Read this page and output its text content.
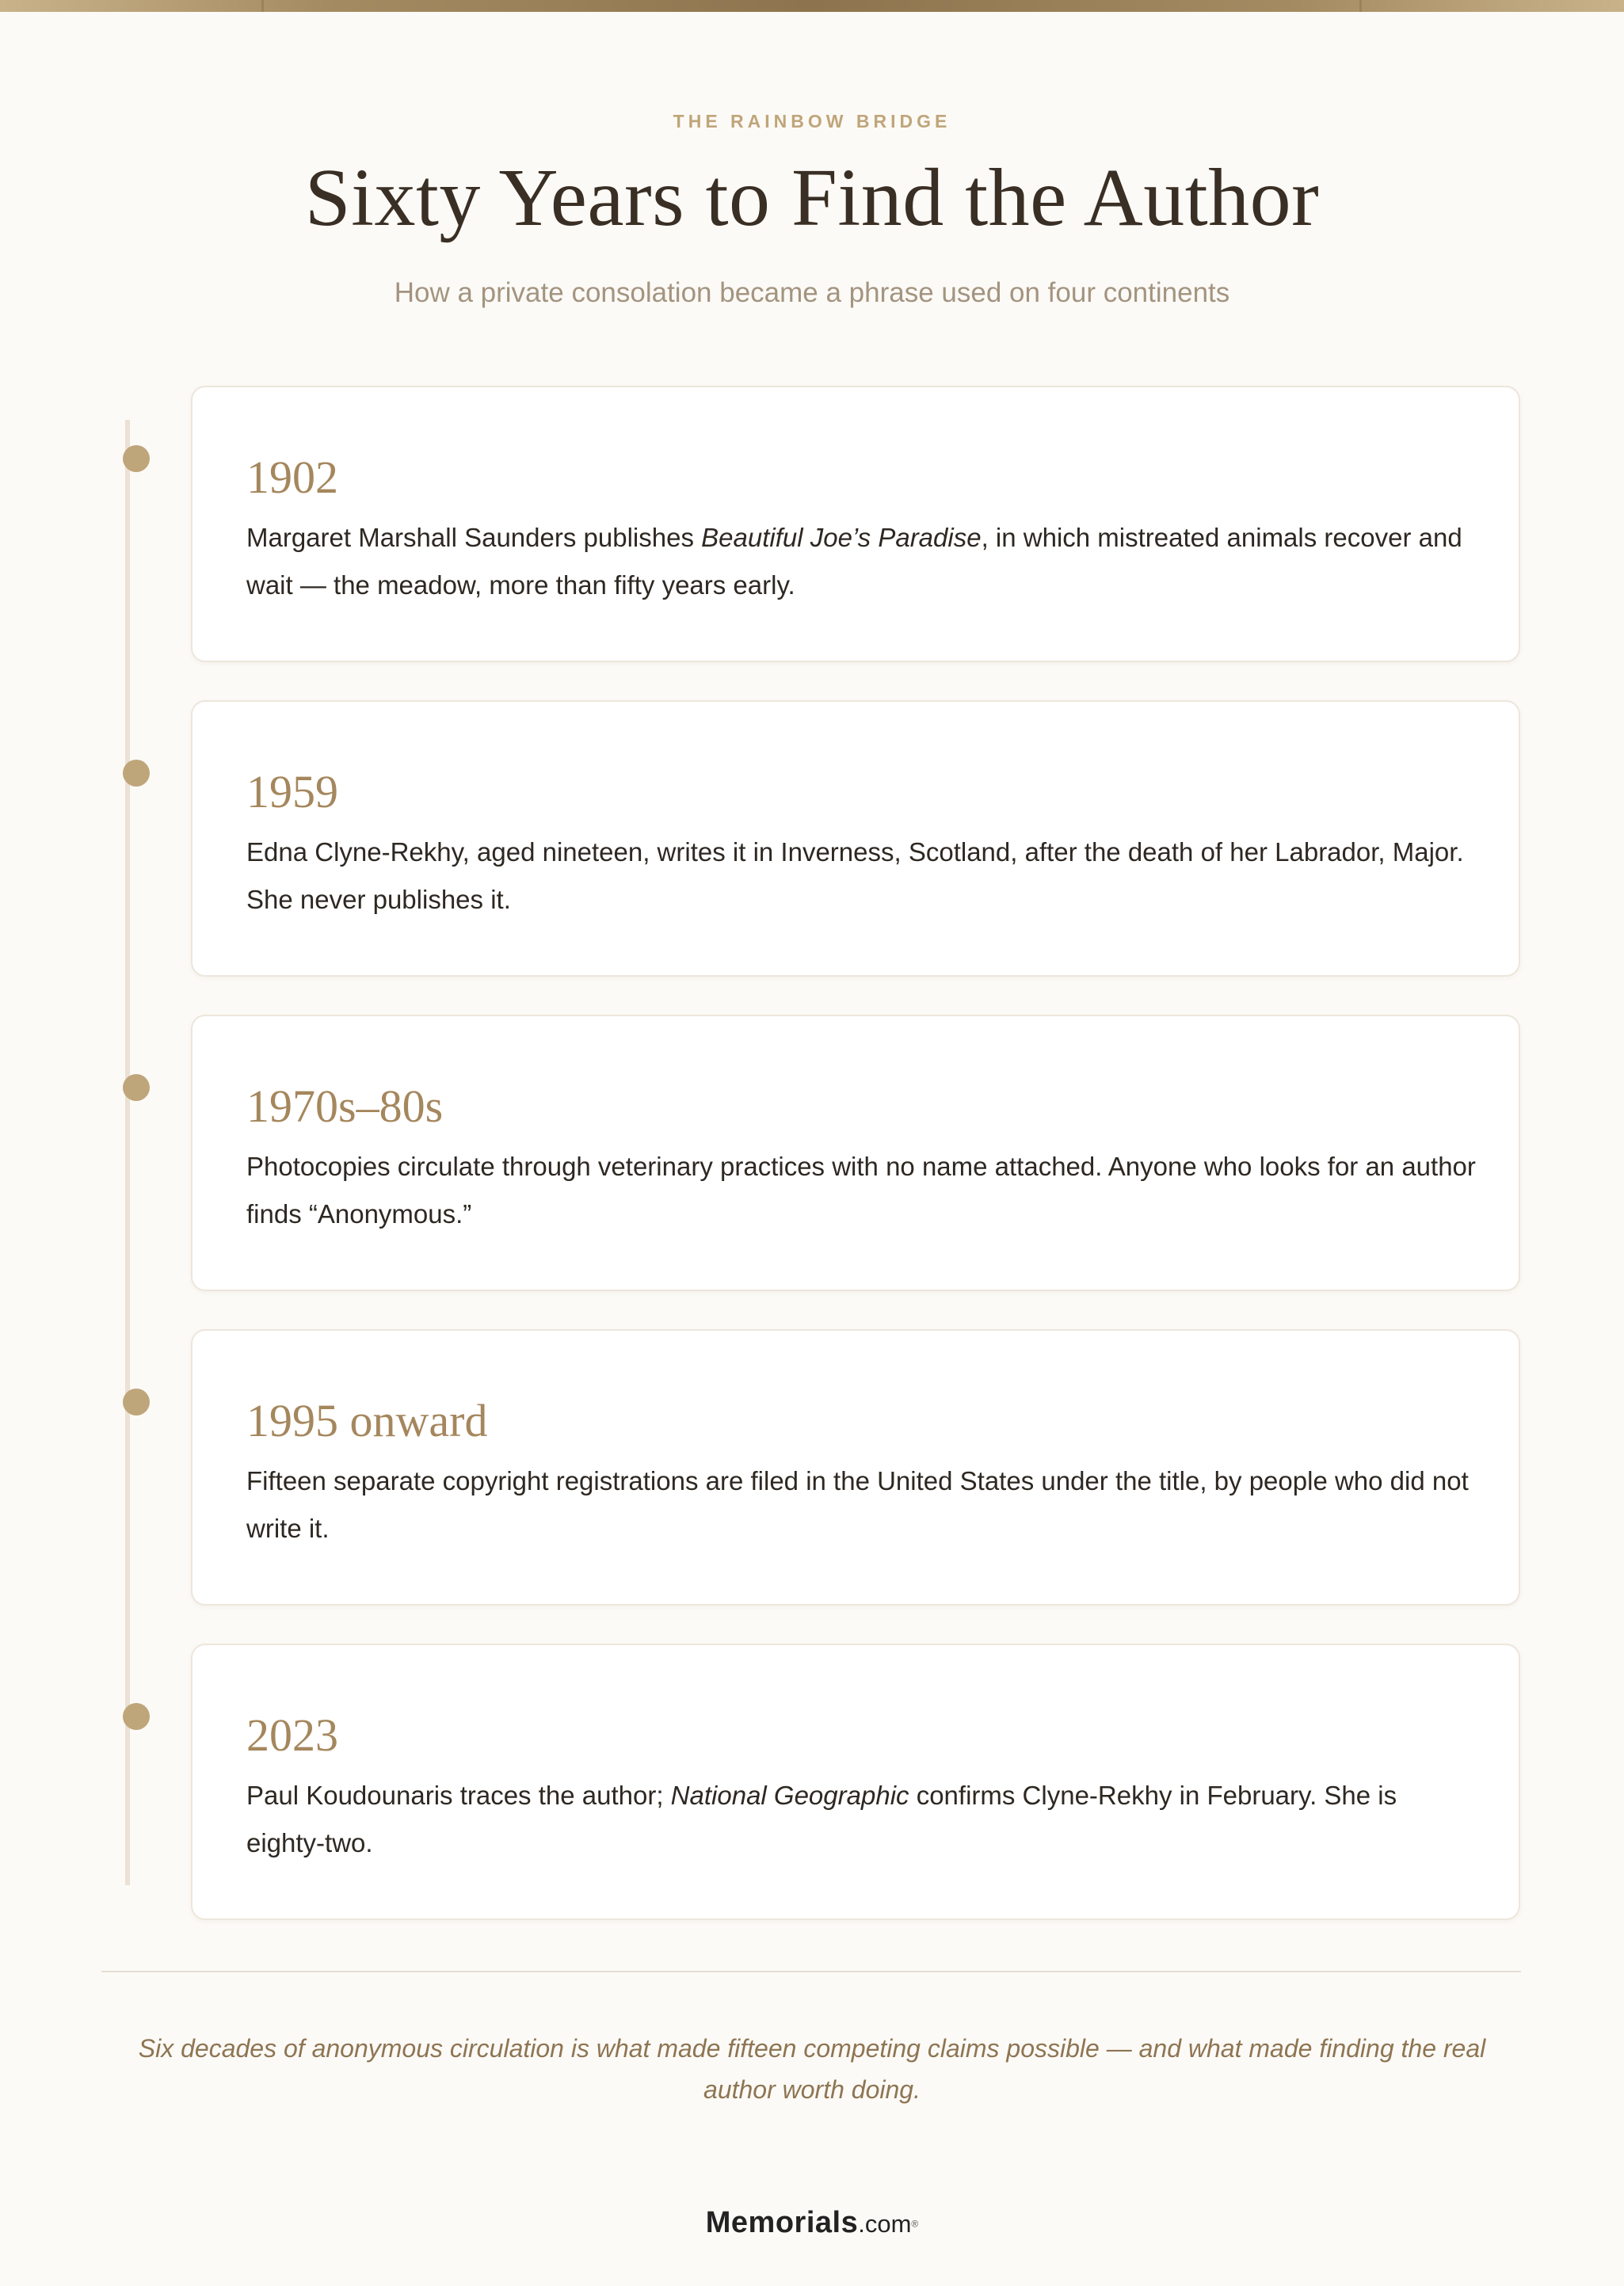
THE RAINBOW BRIDGE
Sixty Years to Find the Author
How a private consolation became a phrase used on four continents
1902
Margaret Marshall Saunders publishes Beautiful Joe’s Paradise, in which mistreated animals recover and wait — the meadow, more than fifty years early.
1959
Edna Clyne-Rekhy, aged nineteen, writes it in Inverness, Scotland, after the death of her Labrador, Major. She never publishes it.
1970s–80s
Photocopies circulate through veterinary practices with no name attached. Anyone who looks for an author finds “Anonymous.”
1995 onward
Fifteen separate copyright registrations are filed in the United States under the title, by people who did not write it.
2023
Paul Koudounaris traces the author; National Geographic confirms Clyne-Rekhy in February. She is eighty-two.
Six decades of anonymous circulation is what made fifteen competing claims possible — and what made finding the real author worth doing.
Memorials.com®
